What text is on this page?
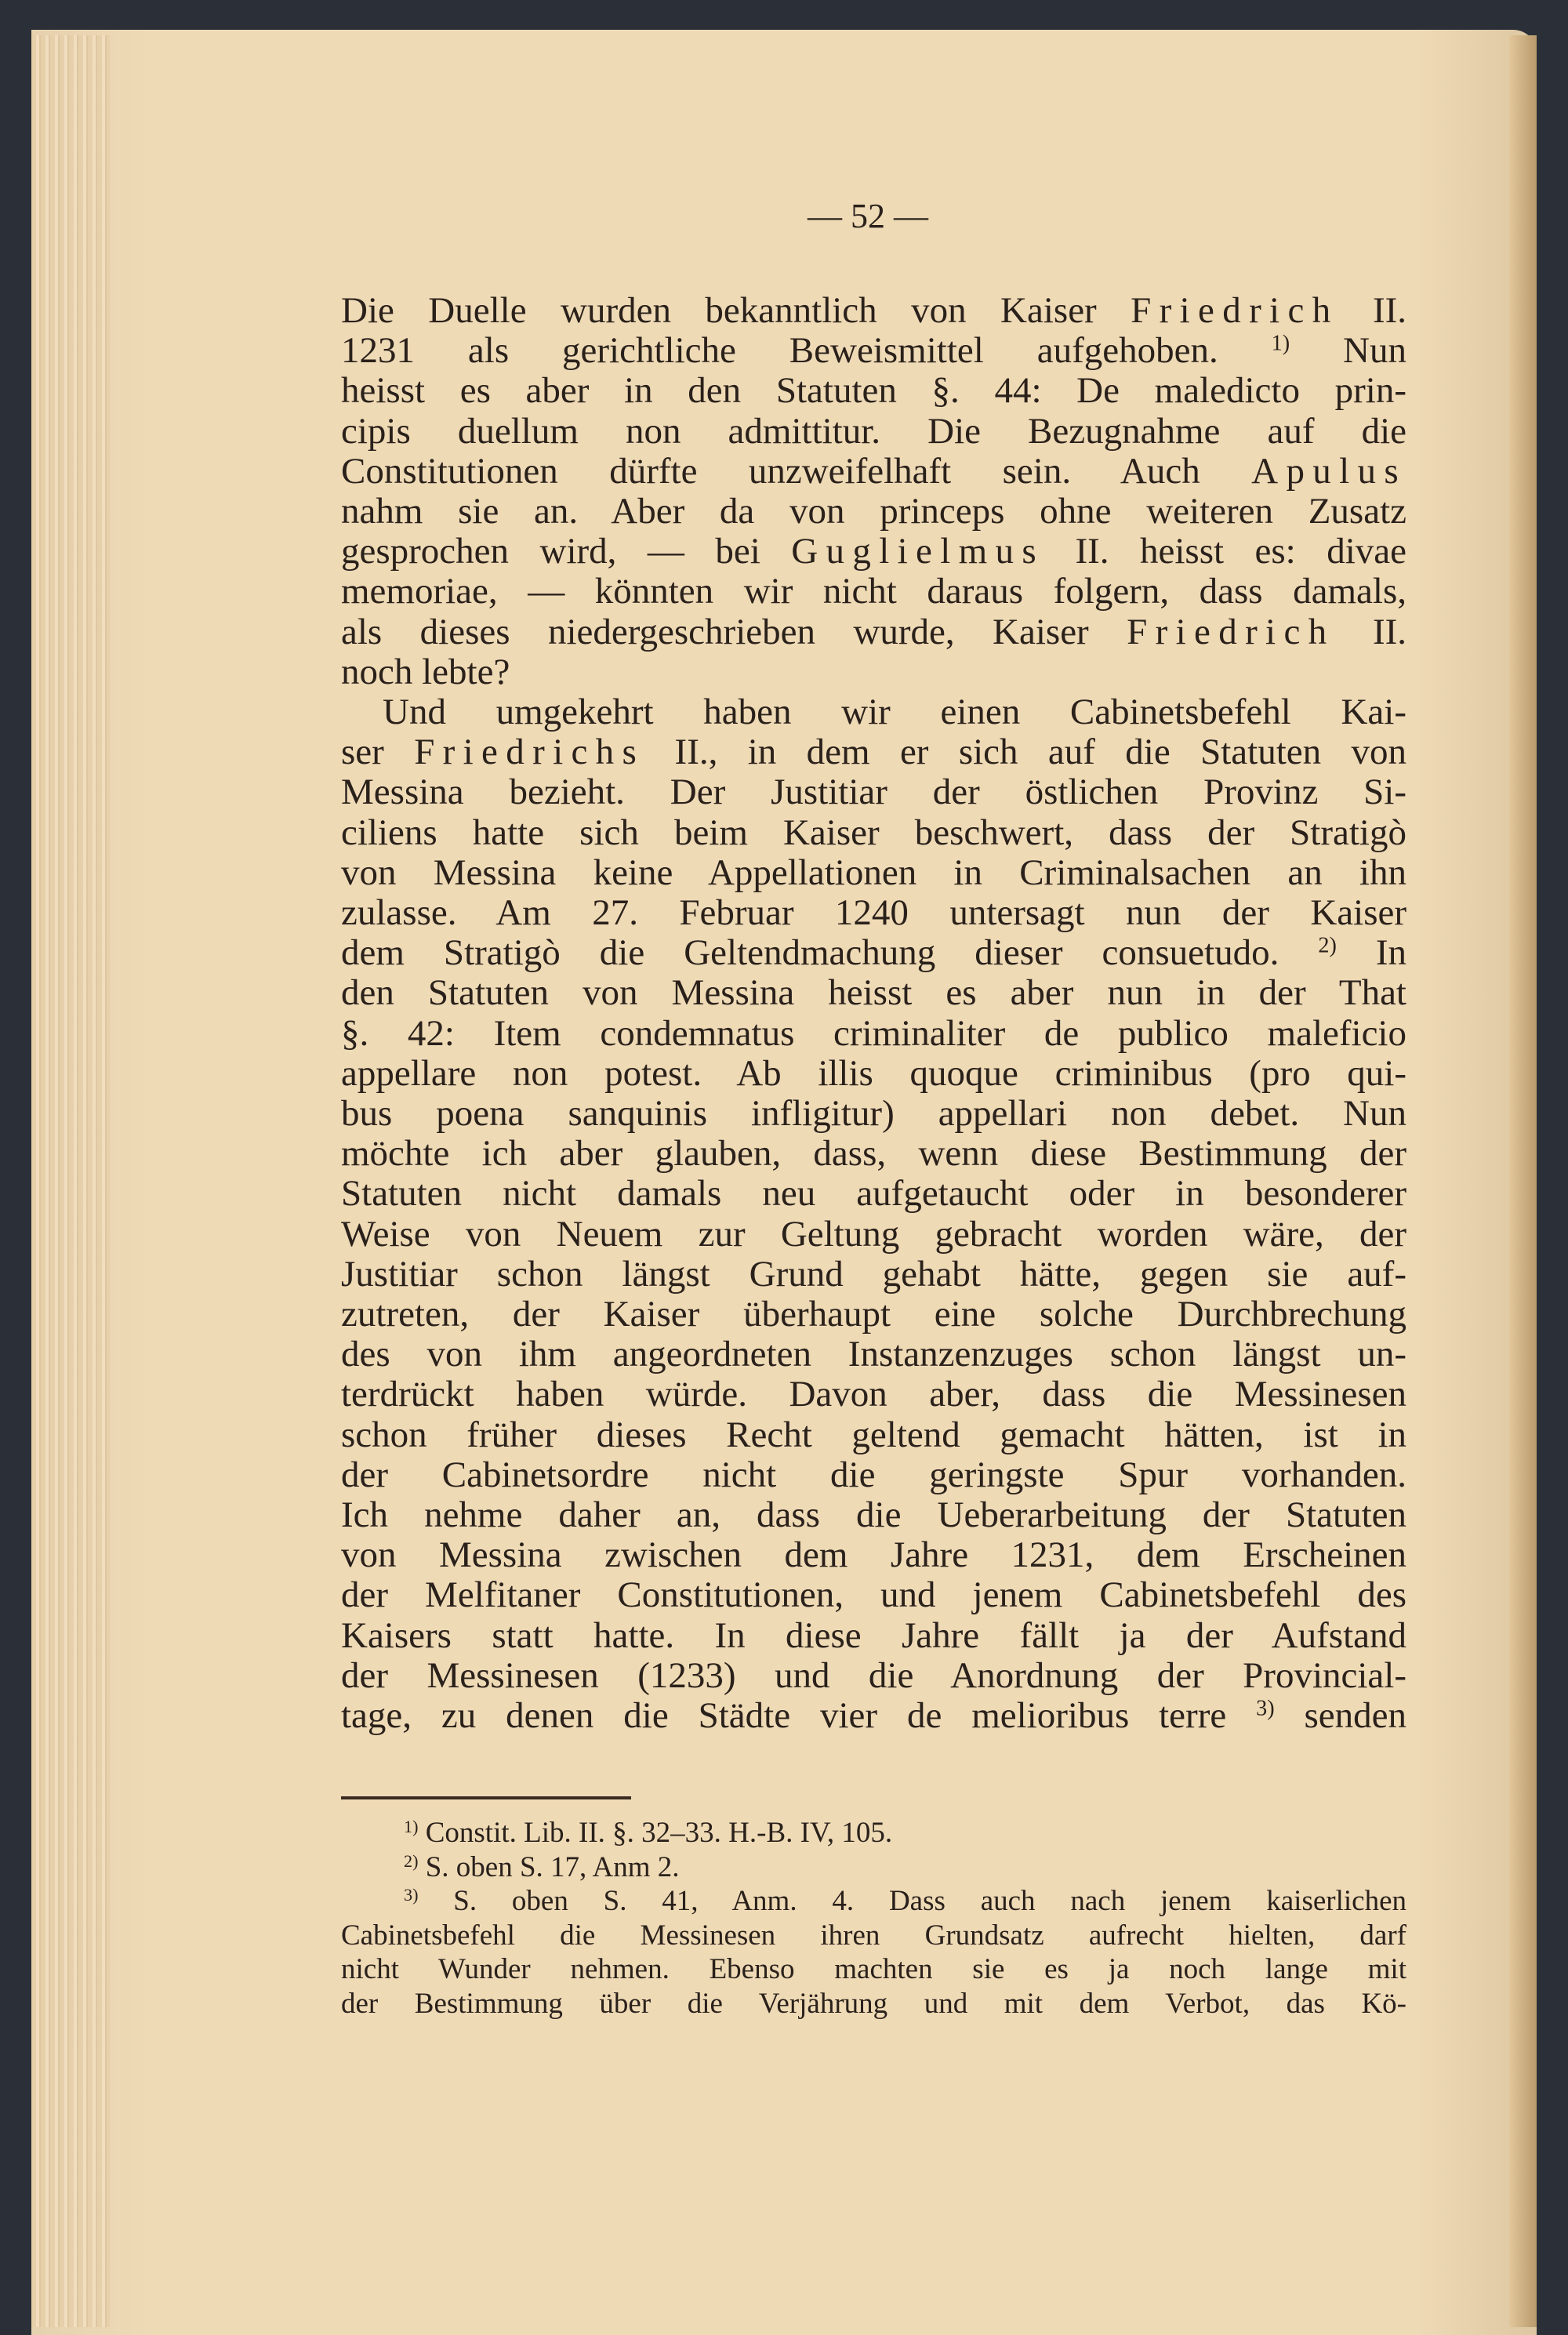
— 52 —
Die Duelle wurden bekanntlich von Kaiser Friedrich II.
1231 als gerichtliche Beweismittel aufgehoben. $^{1)}$ Nun
heisst es aber in den Statuten §. 44: De maledicto prin-
cipis duellum non admittitur. Die Bezugnahme auf die
Constitutionen dürfte unzweifelhaft sein. Auch Apulus
nahm sie an. Aber da von princeps ohne weiteren Zusatz
gesprochen wird, — bei Guglielmus II. heisst es: divae
memoriae, — könnten wir nicht daraus folgern, dass damals,
als dieses niedergeschrieben wurde, Kaiser Friedrich II.
noch lebte?
Und umgekehrt haben wir einen Cabinetsbefehl Kai-
ser Friedrichs II., in dem er sich auf die Statuten von
Messina bezieht. Der Justitiar der östlichen Provinz Si-
ciliens hatte sich beim Kaiser beschwert, dass der Stratigò
von Messina keine Appellationen in Criminalsachen an ihn
zulasse. Am 27. Februar 1240 untersagt nun der Kaiser
dem Stratigò die Geltendmachung dieser consuetudo. $^{2)}$ In
den Statuten von Messina heisst es aber nun in der That
§. 42: Item condemnatus criminaliter de publico maleficio
appellare non potest. Ab illis quoque criminibus (pro qui-
bus poena sanquinis infligitur) appellari non debet. Nun
möchte ich aber glauben, dass, wenn diese Bestimmung der
Statuten nicht damals neu aufgetaucht oder in besonderer
Weise von Neuem zur Geltung gebracht worden wäre, der
Justitiar schon längst Grund gehabt hätte, gegen sie auf-
zutreten, der Kaiser überhaupt eine solche Durchbrechung
des von ihm angeordneten Instanzenzuges schon längst un-
terdrückt haben würde. Davon aber, dass die Messinesen
schon früher dieses Recht geltend gemacht hätten, ist in
der Cabinetsordre nicht die geringste Spur vorhanden.
Ich nehme daher an, dass die Ueberarbeitung der Statuten
von Messina zwischen dem Jahre 1231, dem Erscheinen
der Melfitaner Constitutionen, und jenem Cabinetsbefehl des
Kaisers statt hatte. In diese Jahre fällt ja der Aufstand
der Messinesen (1233) und die Anordnung der Provincial-
tage, zu denen die Städte vier de melioribus terre $^{3)}$ senden
$^{1)}$ Constit. Lib. II. §. 32–33. H.-B. IV, 105.
$^{2)}$ S. oben S. 17, Anm 2.
$^{3)}$ S. oben S. 41, Anm. 4. Dass auch nach jenem kaiserlichen
Cabinetsbefehl die Messinesen ihren Grundsatz aufrecht hielten, darf
nicht Wunder nehmen. Ebenso machten sie es ja noch lange mit
der Bestimmung über die Verjährung und mit dem Verbot, das Kö-
